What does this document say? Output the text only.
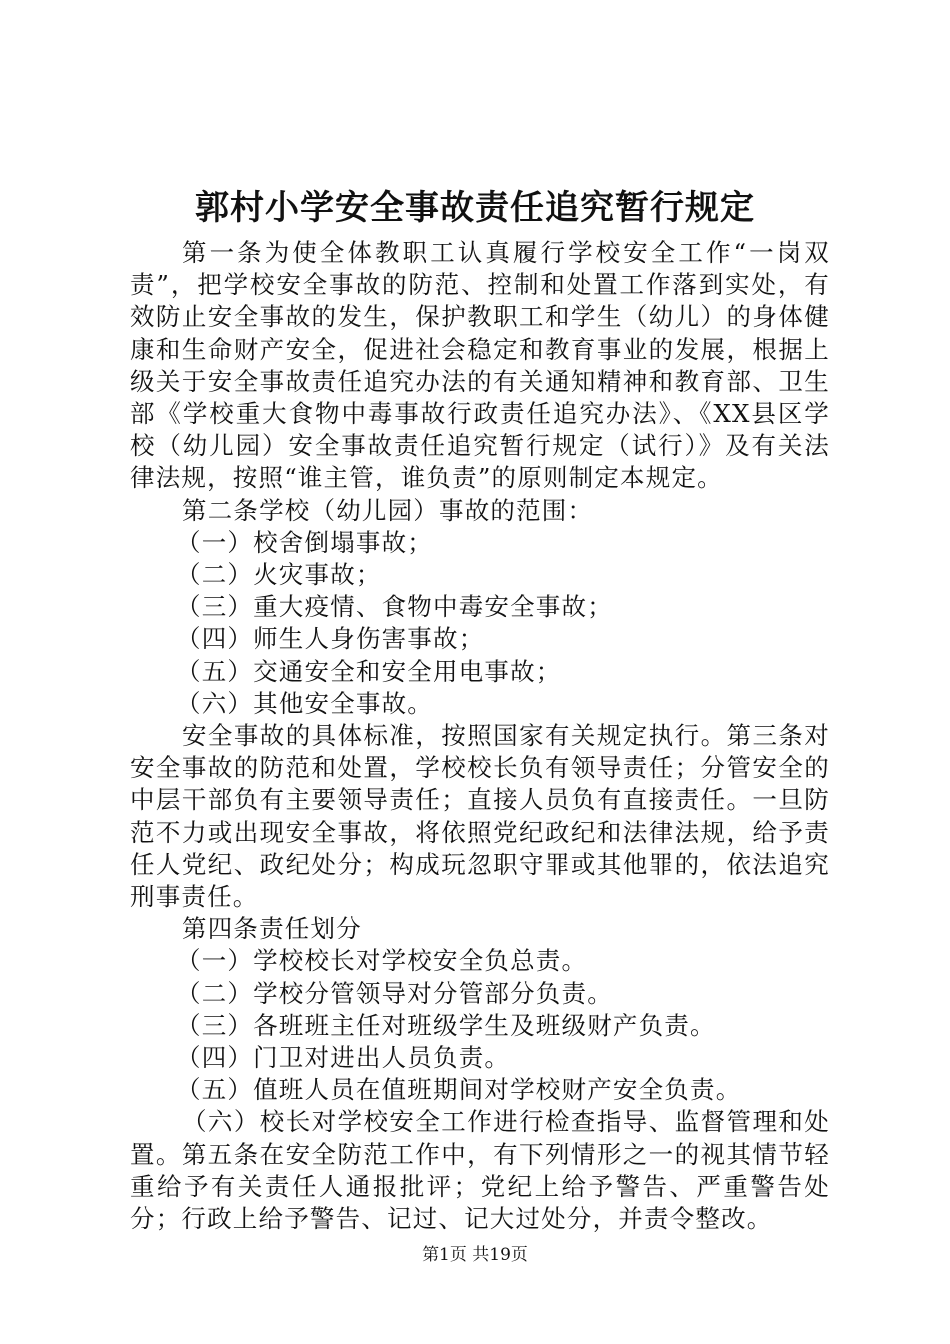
郭村小学安全事故责任追究暂行规定

第一条为使全体教职工认真履行学校安全工作“一岗双责”，把学校安全事故的防范、控制和处置工作落到实处，有效防止安全事故的发生，保护教职工和学生（幼儿）的身体健康和生命财产安全，促进社会稳定和教育事业的发展，根据上级关于安全事故责任追究办法的有关通知精神和教育部、卫生部《学校重大食物中毒事故行政责任追究办法》、《XX县区学校（幼儿园）安全事故责任追究暂行规定（试行）》及有关法律法规，按照“谁主管，谁负责”的原则制定本规定。

第二条学校（幼儿园）事故的范围：

（一）校舍倒塌事故；

（二）火灾事故；

（三）重大疫情、食物中毒安全事故；

（四）师生人身伤害事故；

（五）交通安全和安全用电事故；

（六）其他安全事故。

安全事故的具体标准，按照国家有关规定执行。第三条对安全事故的防范和处置，学校校长负有领导责任；分管安全的中层干部负有主要领导责任；直接人员负有直接责任。一旦防范不力或出现安全事故，将依照党纪政纪和法律法规，给予责任人党纪、政纪处分；构成玩忽职守罪或其他罪的，依法追究刑事责任。

第四条责任划分

（一）学校校长对学校安全负总责。

（二）学校分管领导对分管部分负责。

（三）各班班主任对班级学生及班级财产负责。

（四）门卫对进出人员负责。

（五）值班人员在值班期间对学校财产安全负责。

（六）校长对学校安全工作进行检查指导、监督管理和处置。第五条在安全防范工作中，有下列情形之一的视其情节轻重给予有关责任人通报批评；党纪上给予警告、严重警告处分；行政上给予警告、记过、记大过处分，并责令整改。

第1页 共19页
